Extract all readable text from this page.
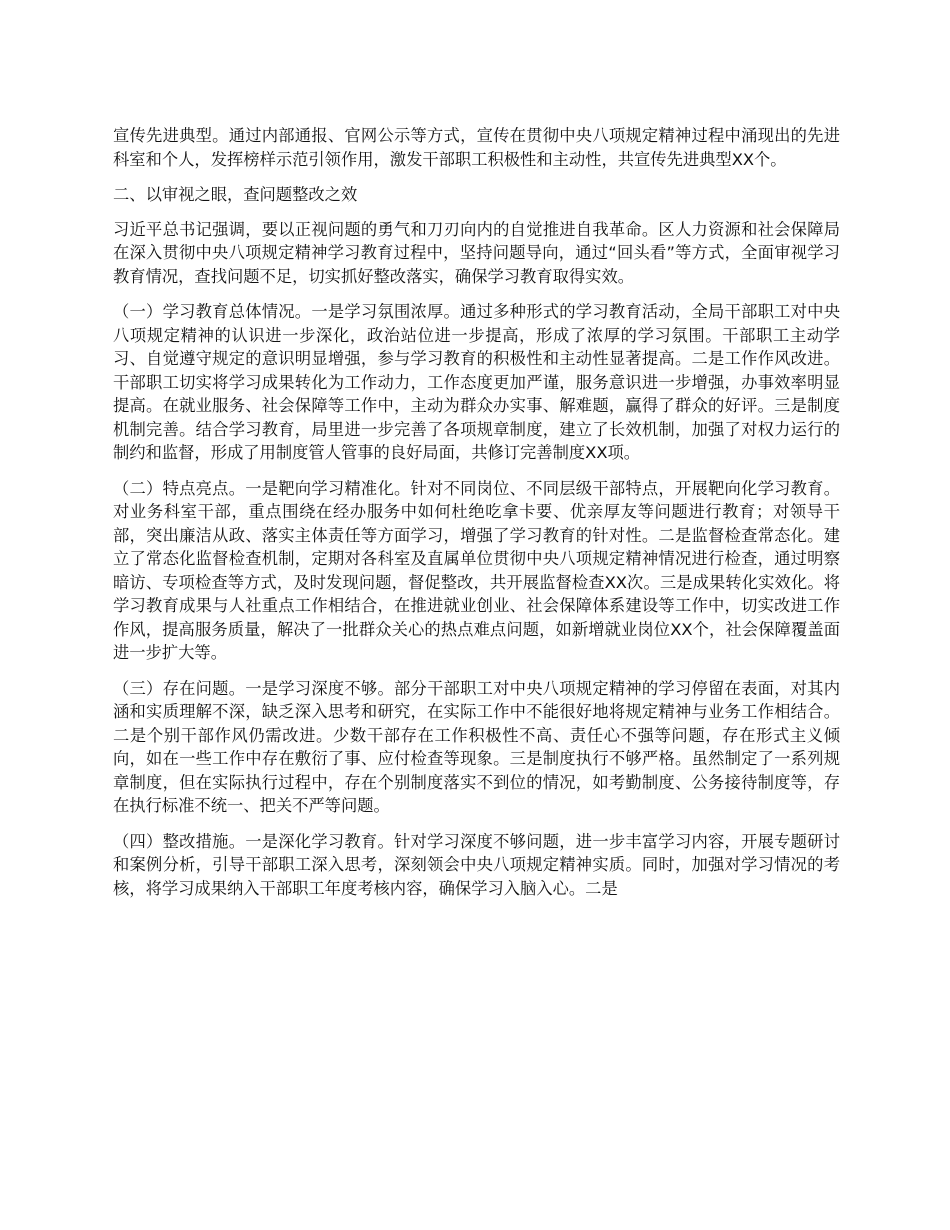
宣传先进典型。通过内部通报、官网公示等方式，宣传在贯彻中央八项规定精神过程中涌现出的先进科室和个人，发挥榜样示范引领作用，激发干部职工积极性和主动性，共宣传先进典型XX个。

二、以审视之眼，查问题整改之效

习近平总书记强调，要以正视问题的勇气和刀刃向内的自觉推进自我革命。区人力资源和社会保障局在深入贯彻中央八项规定精神学习教育过程中，坚持问题导向，通过“回头看”等方式，全面审视学习教育情况，查找问题不足，切实抓好整改落实，确保学习教育取得实效。

（一）学习教育总体情况。一是学习氛围浓厚。通过多种形式的学习教育活动，全局干部职工对中央八项规定精神的认识进一步深化，政治站位进一步提高，形成了浓厚的学习氛围。干部职工主动学习、自觉遵守规定的意识明显增强，参与学习教育的积极性和主动性显著提高。二是工作作风改进。干部职工切实将学习成果转化为工作动力，工作态度更加严谨，服务意识进一步增强，办事效率明显提高。在就业服务、社会保障等工作中，主动为群众办实事、解难题，赢得了群众的好评。三是制度机制完善。结合学习教育，局里进一步完善了各项规章制度，建立了长效机制，加强了对权力运行的制约和监督，形成了用制度管人管事的良好局面，共修订完善制度XX项。

（二）特点亮点。一是靶向学习精准化。针对不同岗位、不同层级干部特点，开展靶向化学习教育。对业务科室干部，重点围绕在经办服务中如何杜绝吃拿卡要、优亲厚友等问题进行教育；对领导干部，突出廉洁从政、落实主体责任等方面学习，增强了学习教育的针对性。二是监督检查常态化。建立了常态化监督检查机制，定期对各科室及直属单位贯彻中央八项规定精神情况进行检查，通过明察暗访、专项检查等方式，及时发现问题，督促整改，共开展监督检查XX次。三是成果转化实效化。将学习教育成果与人社重点工作相结合，在推进就业创业、社会保障体系建设等工作中，切实改进工作作风，提高服务质量，解决了一批群众关心的热点难点问题，如新增就业岗位XX个，社会保障覆盖面进一步扩大等。

（三）存在问题。一是学习深度不够。部分干部职工对中央八项规定精神的学习停留在表面，对其内涵和实质理解不深，缺乏深入思考和研究，在实际工作中不能很好地将规定精神与业务工作相结合。二是个别干部作风仍需改进。少数干部存在工作积极性不高、责任心不强等问题，存在形式主义倾向，如在一些工作中存在敷衍了事、应付检查等现象。三是制度执行不够严格。虽然制定了一系列规章制度，但在实际执行过程中，存在个别制度落实不到位的情况，如考勤制度、公务接待制度等，存在执行标准不统一、把关不严等问题。

（四）整改措施。一是深化学习教育。针对学习深度不够问题，进一步丰富学习内容，开展专题研讨和案例分析，引导干部职工深入思考，深刻领会中央八项规定精神实质。同时，加强对学习情况的考核，将学习成果纳入干部职工年度考核内容，确保学习入脑入心。二是
